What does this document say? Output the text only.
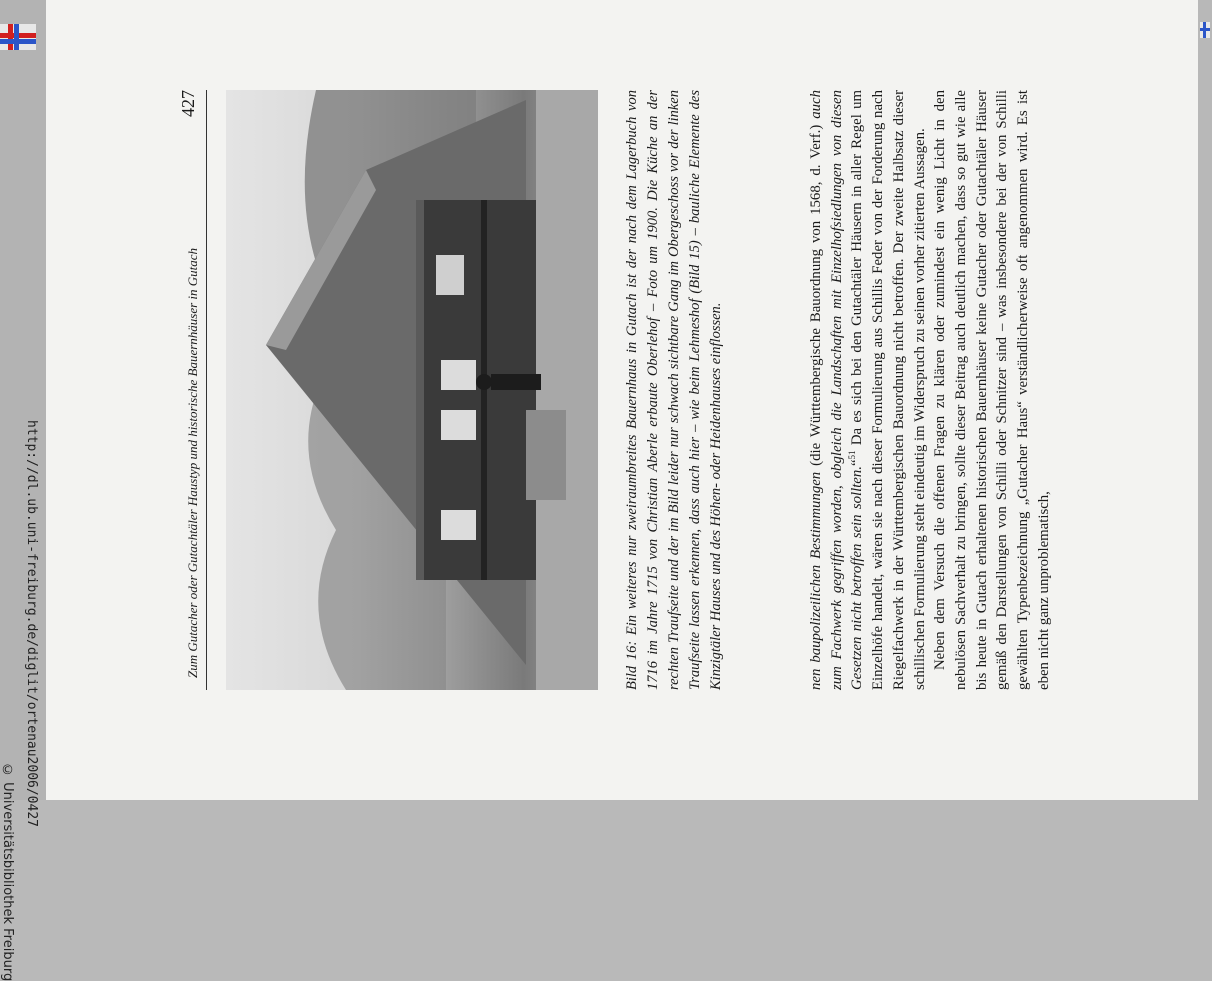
http://dl.ub.uni-freiburg.de/diglit/ortenau2006/0427
© Universitätsbibliothek Freiburg
Zum Gutacher oder Gutachtäler Haustyp und historische Bauernhäuser in Gutach
427	Bild 16: Ein weiteres nur zweiraumbreites Bauernhaus in Gutach ist der nach dem Lagerbuch von 1716 im Jahre 1715 von Christian Aberle erbaute Oberlehof – Foto um 1900. Die Küche an der rechten Traufseite und der im Bild leider nur schwach sichtbare Gang im Obergeschoss vor der linken Traufseite lassen erkennen, dass auch hier – wie beim Lehmeshof (Bild 15) – bauliche Elemente des Kinzigtäler Hauses und des Höhen- oder Heidenhauses einflossen.	nen baupolizeilichen Bestimmungen (die Württembergische Bauordnung von 1568, d. Verf.) auch zum Fachwerk gegriffen worden, obgleich die Landschaften mit Einzelhofsiedlungen von diesen Gesetzen nicht betroffen sein sollten.“$^{51}$ Da es sich bei den Gutachtäler Häusern in aller Regel um Einzelhöfe handelt, wären sie nach dieser Formulierung aus Schillis Feder von der Forderung nach Riegelfachwerk in der Württembergischen Bauordnung nicht betroffen. Der zweite Halbsatz dieser schillischen Formulierung steht eindeutig im Widerspruch zu seinen vorher zitierten Aussagen. Neben dem Versuch die offenen Fragen zu klären oder zumindest ein wenig Licht in den nebulösen Sachverhalt zu bringen, sollte dieser Beitrag auch deutlich machen, dass so gut wie alle bis heute in Gutach erhaltenen historischen Bauernhäuser keine Gutacher oder Gutachtäler Häuser gemäß den Darstellungen von Schilli oder Schnitzer sind – was insbesondere bei der von Schilli gewählten Typenbezeichnung „Gutacher Haus“ verständlicherweise oft angenommen wird. Es ist eben nicht ganz unproblematisch,
